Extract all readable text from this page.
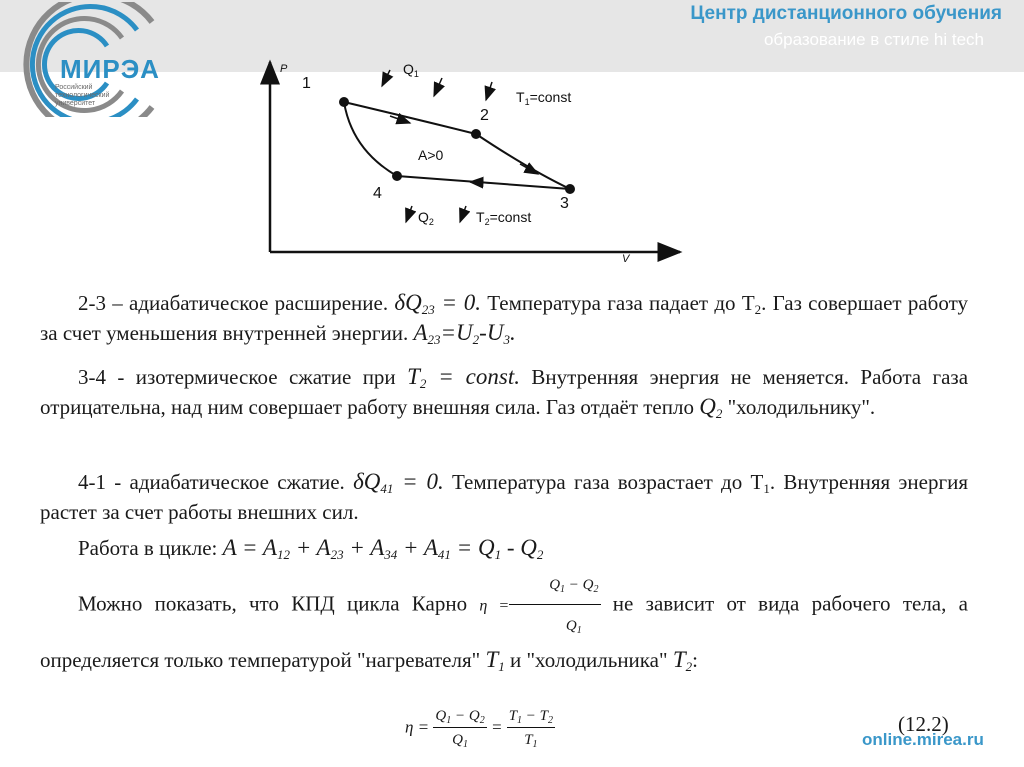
МИРЭА
Российский технологический университет
Центр дистанционного обучения
образование в стиле hi tech
P
V
1
2
3
4
$Q_1$
$T_1=const$
A>0
$Q_2$	$T_2=const$
2-3 – адиабатическое расширение. $\delta Q_{23} = 0$. Температура газа падает до $T_2$. Газ совершает работу за счет уменьшения внутренней энергии. $A_{23}=U_2-U_3$.
3-4 - изотермическое сжатие при $T_2$ = const. Внутренняя энергия не меняется. Работа газа отрицательна, над ним совершает работу внешняя сила. Газ отдаёт тепло $Q_2$ "холодильнику".
4-1 - адиабатическое сжатие. $\delta Q_{41} = 0$. Температура газа возрастает до $T_1$. Внутренняя энергия растет за счет работы внешних сил.
Работа в цикле: $A = A_{12} + A_{23} + A_{34} + A_{41} = Q_1 - Q_2$
Можно показать, что КПД цикла Карно $\eta = \frac{Q_1 - Q_2}{Q_1}$ не зависит от вида рабочего тела, а определяется только температурой "нагревателя" $T_1$ и "холодильника" $T_2$:
$\eta = \frac{Q_1 - Q_2}{Q_1} = \frac{T_1 - T_2}{T_1}$	(12.2)
online.mirea.ru
